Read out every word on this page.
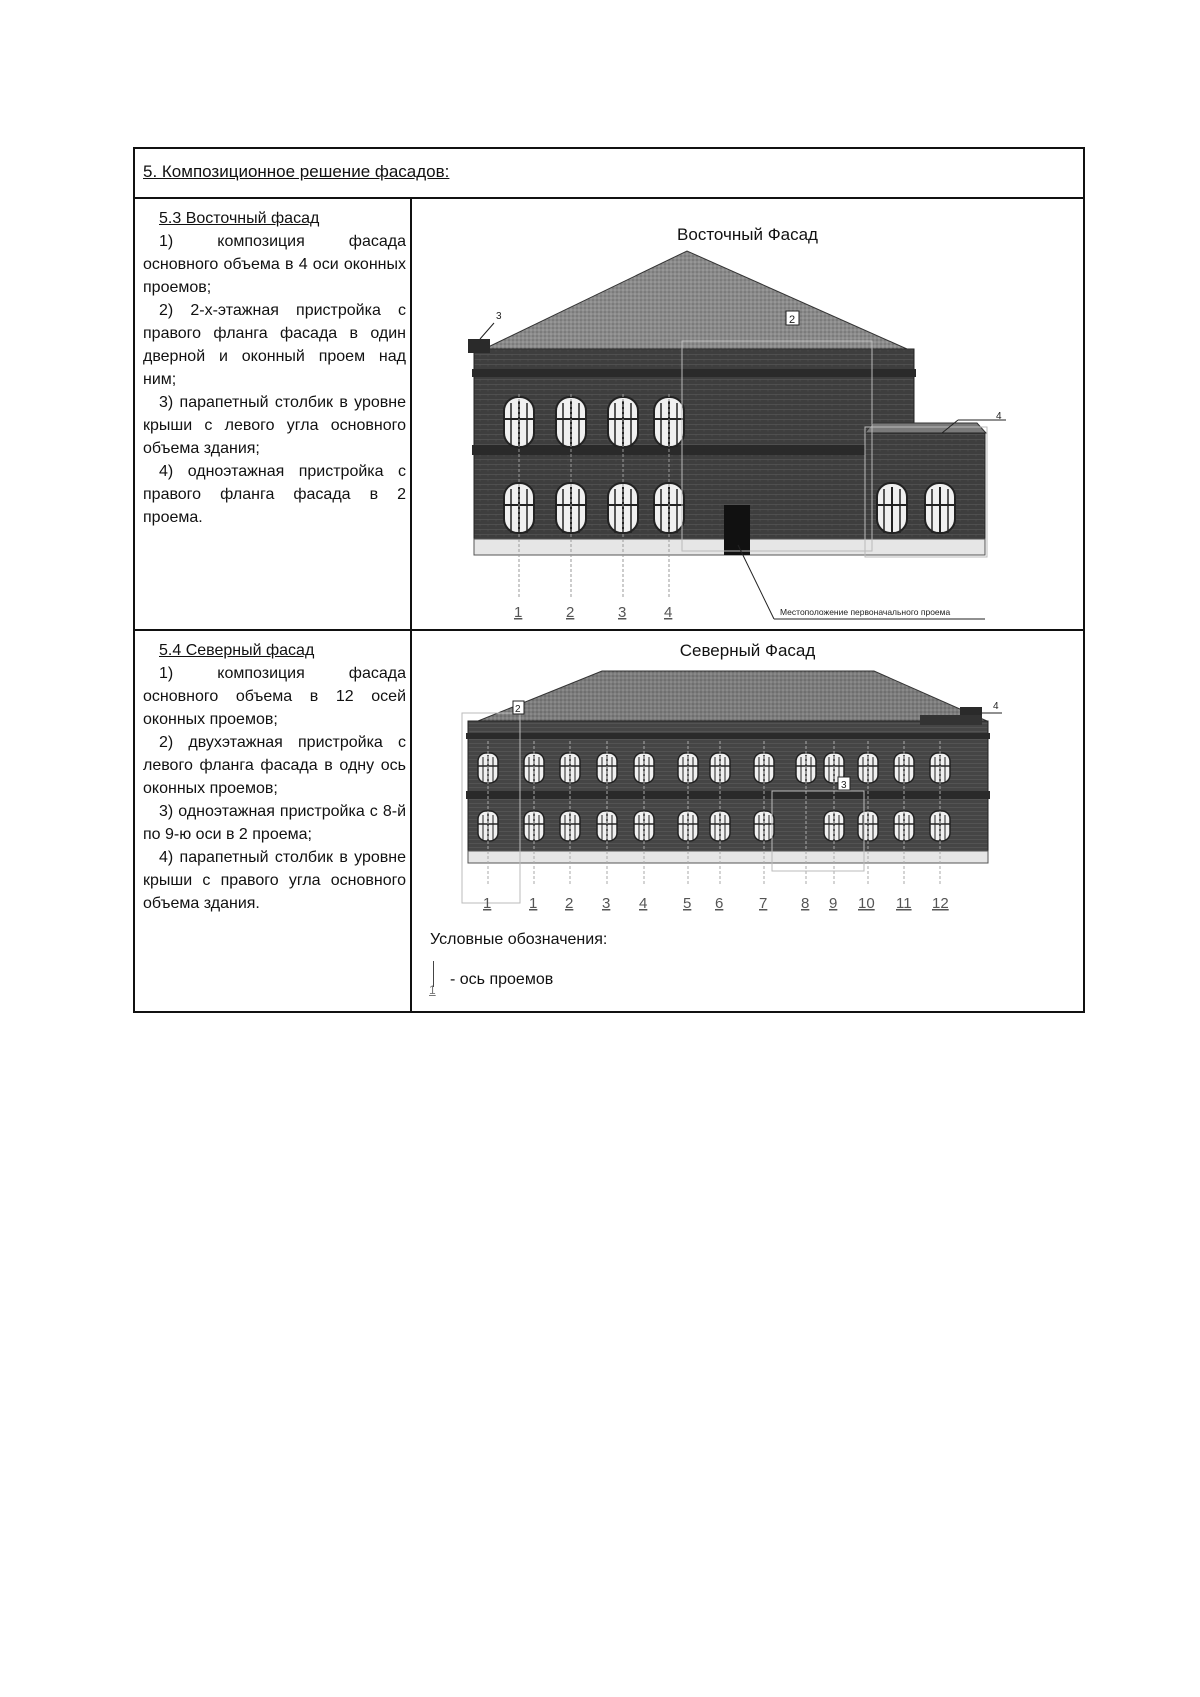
5. Композиционное решение фасадов:
5.3 Восточный фасад

1) композиция фасада основного объема в 4 оси оконных проемов;

2) 2-х-этажная пристройка с правого фланга фасада в один дверной и оконный проем над ним;

3) парапетный столбик в уровне крыши с левого угла основного объема здания;

4) одноэтажная пристройка с правого фланга фасада в 2 проема.

Восточный Фасад
3	2
4
1	2	3	4	Местоположение первоначального проема
5.4 Северный фасад

1) композиция фасада основного объема в 12 осей оконных проемов;

2) двухэтажная пристройка с левого фланга фасада в одну ось оконных проемов;

3) одноэтажная пристройка с 8-й по 9-ю оси в 2 проема;

4) парапетный столбик в уровне крыши с правого угла основного объема здания.

Северный Фасад
2
3
4
1	1 2 3 4 5 6 7 8 9 10 11 12
Условные обозначения:
1
- ось проемов
